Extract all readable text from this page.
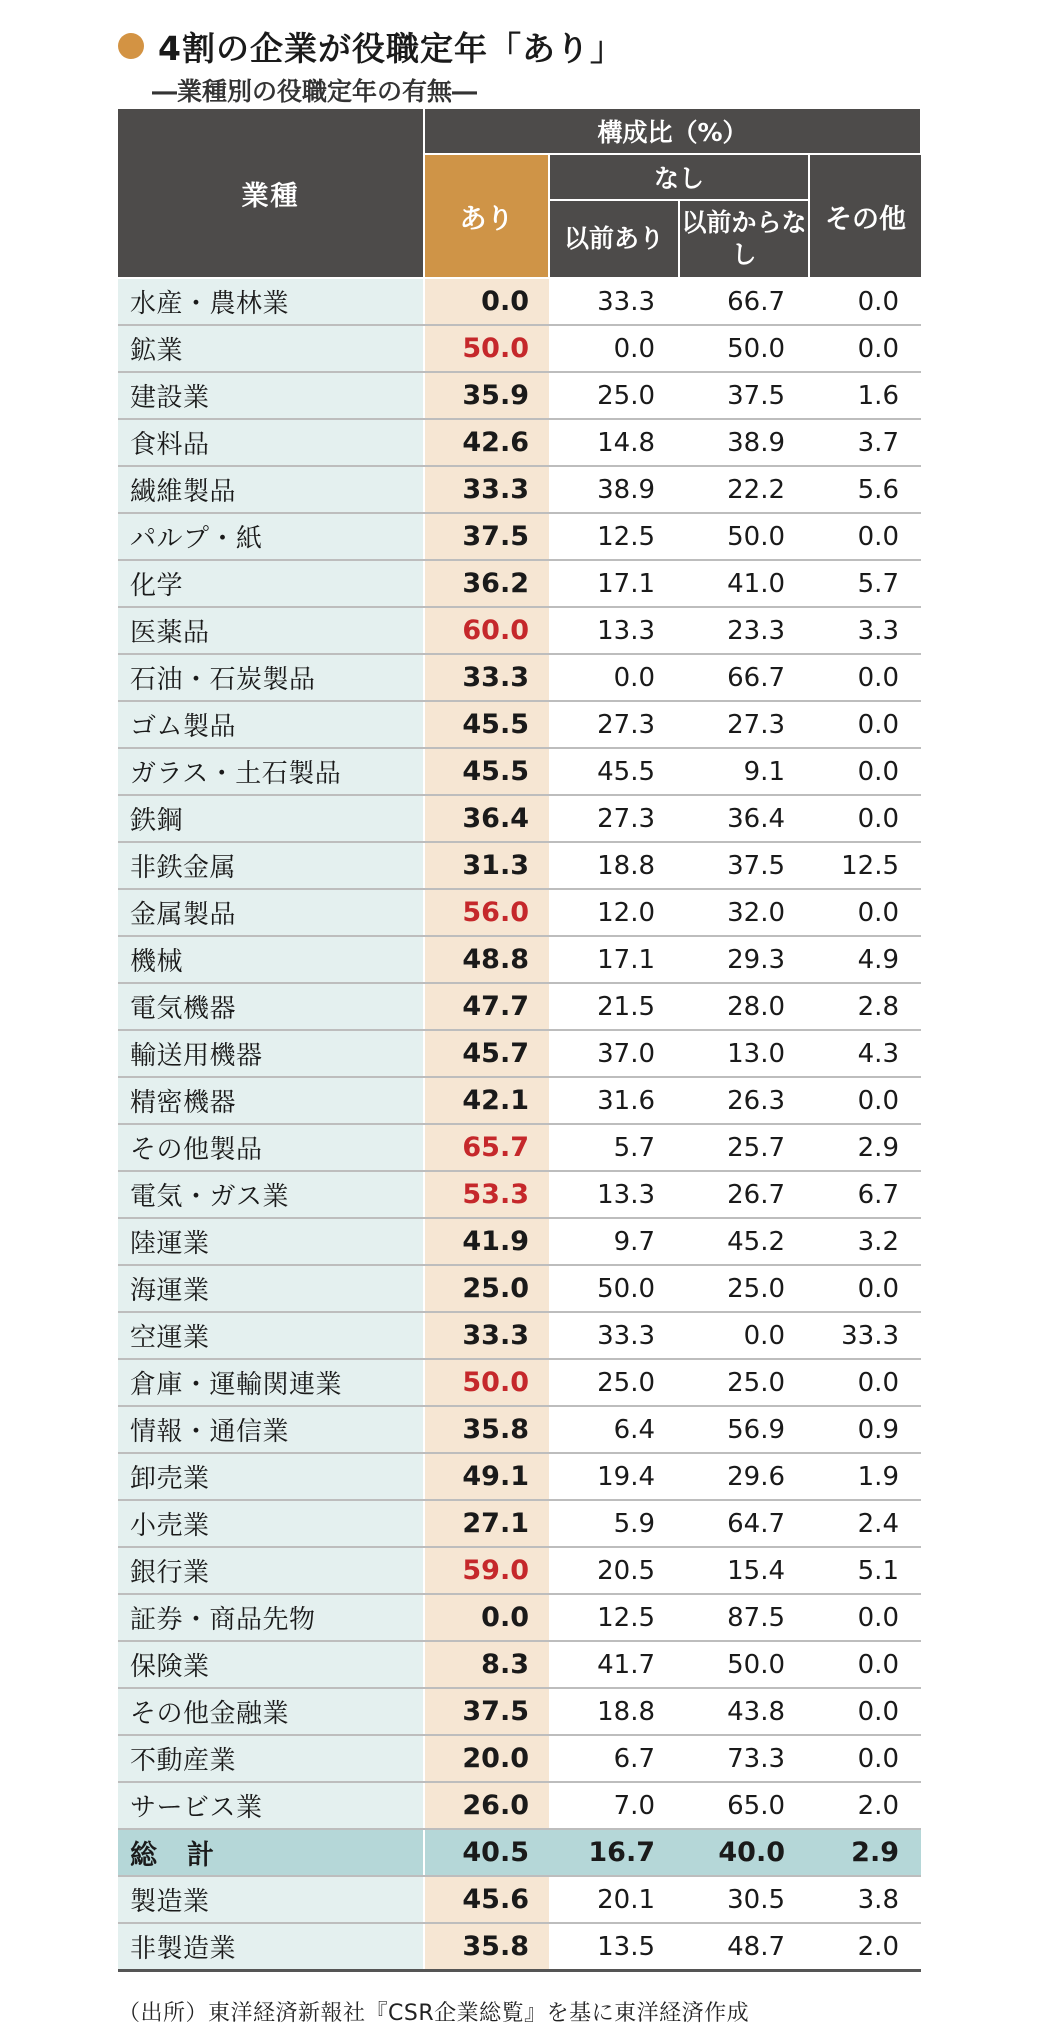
4割の企業が役職定年「あり」
―業種別の役職定年の有無―
業種	構成比（%）			
	あり	なし		その他
		以前あり	以前からなし	
水産・農林業	0.0	33.3	66.7	0.0
鉱業	50.0	0.0	50.0	0.0
建設業	35.9	25.0	37.5	1.6
食料品	42.6	14.8	38.9	3.7
繊維製品	33.3	38.9	22.2	5.6
パルプ・紙	37.5	12.5	50.0	0.0
化学	36.2	17.1	41.0	5.7
医薬品	60.0	13.3	23.3	3.3
石油・石炭製品	33.3	0.0	66.7	0.0
ゴム製品	45.5	27.3	27.3	0.0
ガラス・土石製品	45.5	45.5	9.1	0.0
鉄鋼	36.4	27.3	36.4	0.0
非鉄金属	31.3	18.8	37.5	12.5
金属製品	56.0	12.0	32.0	0.0
機械	48.8	17.1	29.3	4.9
電気機器	47.7	21.5	28.0	2.8
輸送用機器	45.7	37.0	13.0	4.3
精密機器	42.1	31.6	26.3	0.0
その他製品	65.7	5.7	25.7	2.9
電気・ガス業	53.3	13.3	26.7	6.7
陸運業	41.9	9.7	45.2	3.2
海運業	25.0	50.0	25.0	0.0
空運業	33.3	33.3	0.0	33.3
倉庫・運輸関連業	50.0	25.0	25.0	0.0
情報・通信業	35.8	6.4	56.9	0.9
卸売業	49.1	19.4	29.6	1.9
小売業	27.1	5.9	64.7	2.4
銀行業	59.0	20.5	15.4	5.1
証券・商品先物	0.0	12.5	87.5	0.0
保険業	8.3	41.7	50.0	0.0
その他金融業	37.5	18.8	43.8	0.0
不動産業	20.0	6.7	73.3	0.0
サービス業	26.0	7.0	65.0	2.0
総計	40.5	16.7	40.0	2.9
製造業	45.6	20.1	30.5	3.8
非製造業	35.8	13.5	48.7	2.0
（出所）東洋経済新報社『CSR企業総覧』を基に東洋経済作成
